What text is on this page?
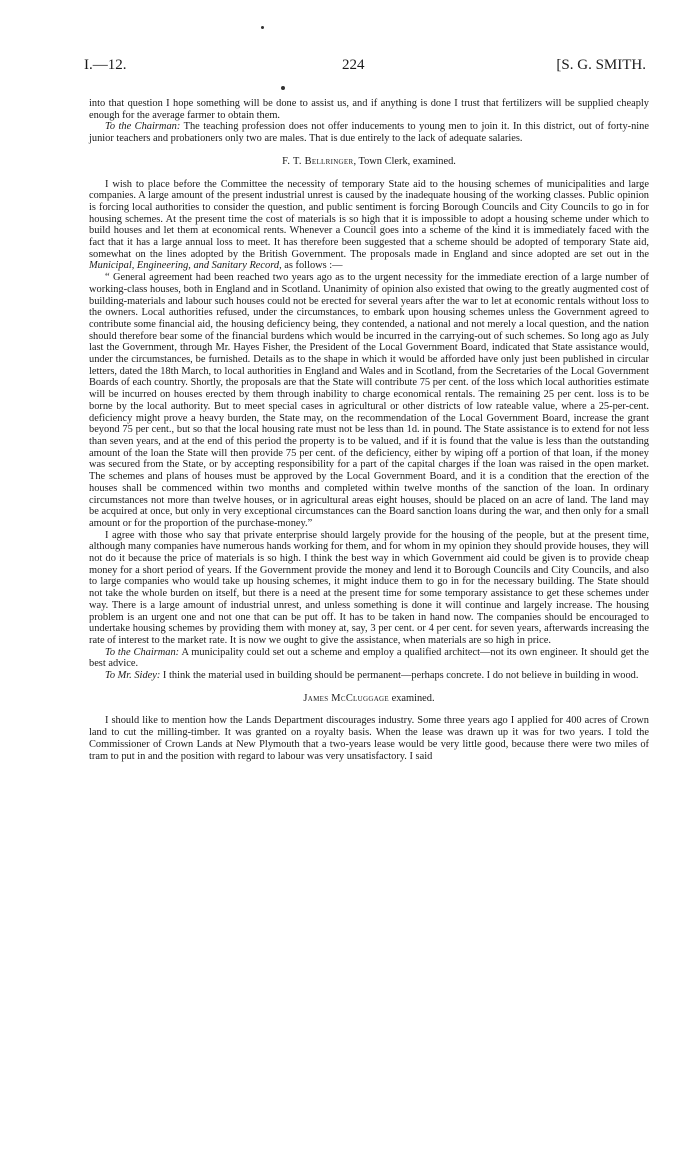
I.—12.	224	[S. G. SMITH.

into that question I hope something will be done to assist us, and if anything is done I trust that fertilizers will be supplied cheaply enough for the average farmer to obtain them.

To the Chairman: The teaching profession does not offer inducements to young men to join it. In this district, out of forty-nine junior teachers and probationers only two are males. That is due entirely to the lack of adequate salaries.

F. T. Bellringer, Town Clerk, examined.

I wish to place before the Committee the necessity of temporary State aid to the housing schemes of municipalities and large companies. A large amount of the present industrial unrest is caused by the inadequate housing of the working classes. Public opinion is forcing local authorities to consider the question, and public sentiment is forcing Borough Councils and City Councils to go in for housing schemes. At the present time the cost of materials is so high that it is impossible to adopt a housing scheme under which to build houses and let them at economical rents. Whenever a Council goes into a scheme of the kind it is immediately faced with the fact that it has a large annual loss to meet. It has therefore been suggested that a scheme should be adopted of temporary State aid, somewhat on the lines adopted by the British Government. The proposals made in England and since adopted are set out in the Municipal, Engineering, and Sanitary Record, as follows :—

“ General agreement had been reached two years ago as to the urgent necessity for the immediate erection of a large number of working-class houses, both in England and in Scotland. Unanimity of opinion also existed that owing to the greatly augmented cost of building-materials and labour such houses could not be erected for several years after the war to let at economic rentals without loss to the owners. Local authorities refused, under the circumstances, to embark upon housing schemes unless the Government agreed to contribute some financial aid, the housing deficiency being, they contended, a national and not merely a local question, and the nation should therefore bear some of the financial burdens which would be incurred in the carrying-out of such schemes. So long ago as July last the Government, through Mr. Hayes Fisher, the President of the Local Government Board, indicated that State assistance would, under the circumstances, be furnished. Details as to the shape in which it would be afforded have only just been published in circular letters, dated the 18th March, to local authorities in England and Wales and in Scotland, from the Secretaries of the Local Government Boards of each country. Shortly, the proposals are that the State will contribute 75 per cent. of the loss which local authorities estimate will be incurred on houses erected by them through inability to charge economical rentals. The remaining 25 per cent. loss is to be borne by the local authority. But to meet special cases in agricultural or other districts of low rateable value, where a 25-per-cent. deficiency might prove a heavy burden, the State may, on the recommendation of the Local Government Board, increase the grant beyond 75 per cent., but so that the local housing rate must not be less than 1d. in pound. The State assistance is to extend for not less than seven years, and at the end of this period the property is to be valued, and if it is found that the value is less than the outstanding amount of the loan the State will then provide 75 per cent. of the deficiency, either by wiping off a portion of that loan, if the money was secured from the State, or by accepting responsibility for a part of the capital charges if the loan was raised in the open market. The schemes and plans of houses must be approved by the Local Government Board, and it is a condition that the erection of the houses shall be commenced within two months and completed within twelve months of the sanction of the loan. In ordinary circumstances not more than twelve houses, or in agricultural areas eight houses, should be placed on an acre of land. The land may be acquired at once, but only in very exceptional circumstances can the Board sanction loans during the war, and then only for a small amount or for the proportion of the purchase-money.”

I agree with those who say that private enterprise should largely provide for the housing of the people, but at the present time, although many companies have numerous hands working for them, and for whom in my opinion they should provide houses, they will not do it because the price of materials is so high. I think the best way in which Government aid could be given is to provide cheap money for a short period of years. If the Government provide the money and lend it to Borough Councils and City Councils, and also to large companies who would take up housing schemes, it might induce them to go in for the necessary building. The State should not take the whole burden on itself, but there is a need at the present time for some temporary assistance to get these schemes under way. There is a large amount of industrial unrest, and unless something is done it will continue and largely increase. The housing problem is an urgent one and not one that can be put off. It has to be taken in hand now. The companies should be encouraged to undertake housing schemes by providing them with money at, say, 3 per cent. or 4 per cent. for seven years, afterwards increasing the rate of interest to the market rate. It is now we ought to give the assistance, when materials are so high in price.

To the Chairman: A municipality could set out a scheme and employ a qualified architect—not its own engineer. It should get the best advice.

To Mr. Sidey: I think the material used in building should be permanent—perhaps concrete. I do not believe in building in wood.

James McCluggage examined.

I should like to mention how the Lands Department discourages industry. Some three years ago I applied for 400 acres of Crown land to cut the milling-timber. It was granted on a royalty basis. When the lease was drawn up it was for two years. I told the Commissioner of Crown Lands at New Plymouth that a two-years lease would be very little good, because there were two miles of tram to put in and the position with regard to labour was very unsatisfactory. I said
